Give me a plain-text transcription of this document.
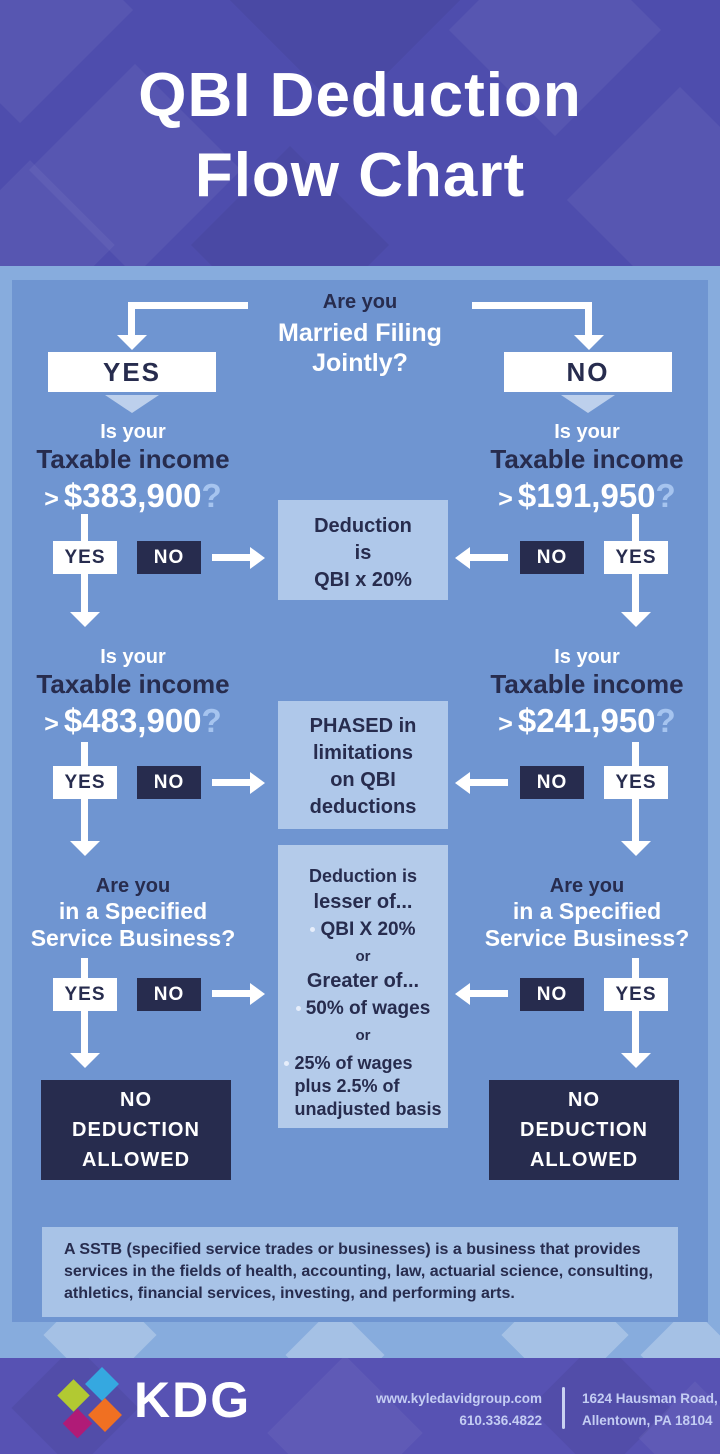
QBI Deduction
Flow Chart
Are you
Married Filing
Jointly?
YES	NO
Is your
Taxable income
> $383,900?
Is your
Taxable income
> $191,950?
YES	NO	NO	YES
Deduction
is
QBI x 20%
Is your
Taxable income
> $483,900?
Is your
Taxable income
> $241,950?
YES	NO	NO	YES
PHASED in
limitations
on QBI
deductions
Are you
in a Specified
Service Business?
Are you
in a Specified
Service Business?
YES	NO	NO	YES
Deduction is
lesser of...
QBI X 20%
or
Greater of...
50% of wages
or
25% of wages
plus 2.5% of
unadjusted basis
NO
DEDUCTION
ALLOWED
NO
DEDUCTION
ALLOWED
A SSTB (specified service trades or businesses) is a business that provides services in the fields of health, accounting, law, actuarial science, consulting, athletics, financial services, investing, and performing arts.
KDG	www.kyledavidgroup.com
610.336.4822
1624 Hausman Road,
Allentown, PA 18104
